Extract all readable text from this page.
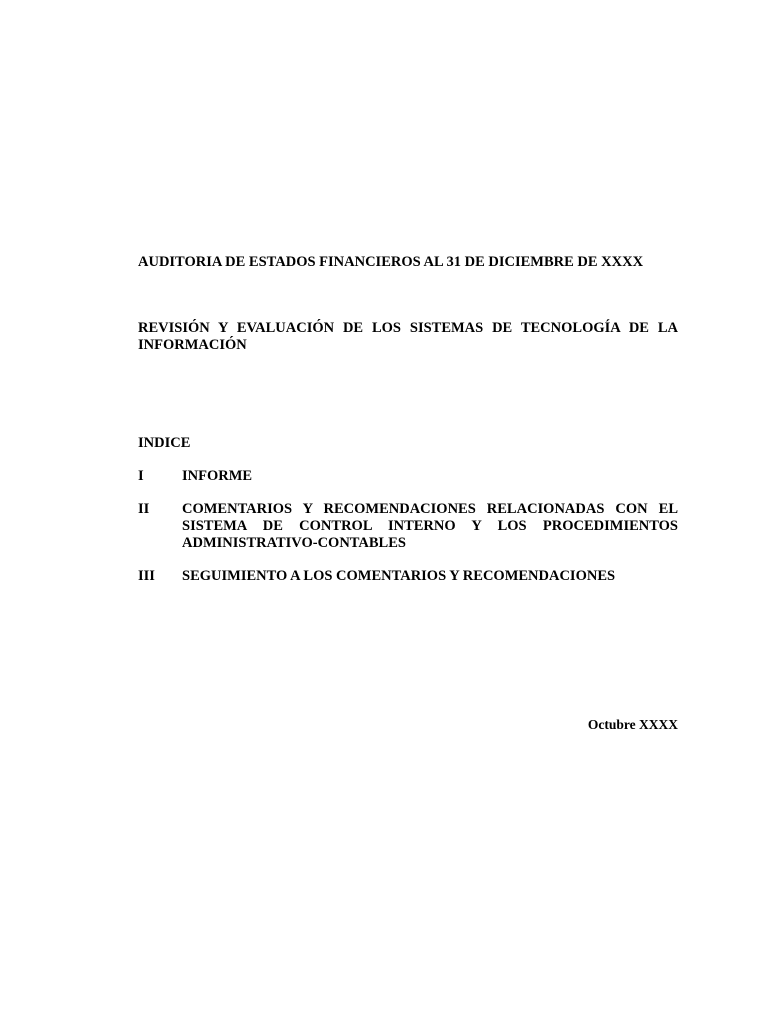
AUDITORIA DE ESTADOS FINANCIEROS AL 31 DE DICIEMBRE DE XXXX
REVISIÓN Y EVALUACIÓN DE LOS SISTEMAS DE TECNOLOGÍA DE LA INFORMACIÓN
INDICE
I	INFORME
II	COMENTARIOS Y RECOMENDACIONES RELACIONADAS CON EL SISTEMA DE CONTROL INTERNO Y LOS PROCEDIMIENTOS ADMINISTRATIVO-CONTABLES
III	SEGUIMIENTO A LOS COMENTARIOS Y RECOMENDACIONES
Octubre XXXX
